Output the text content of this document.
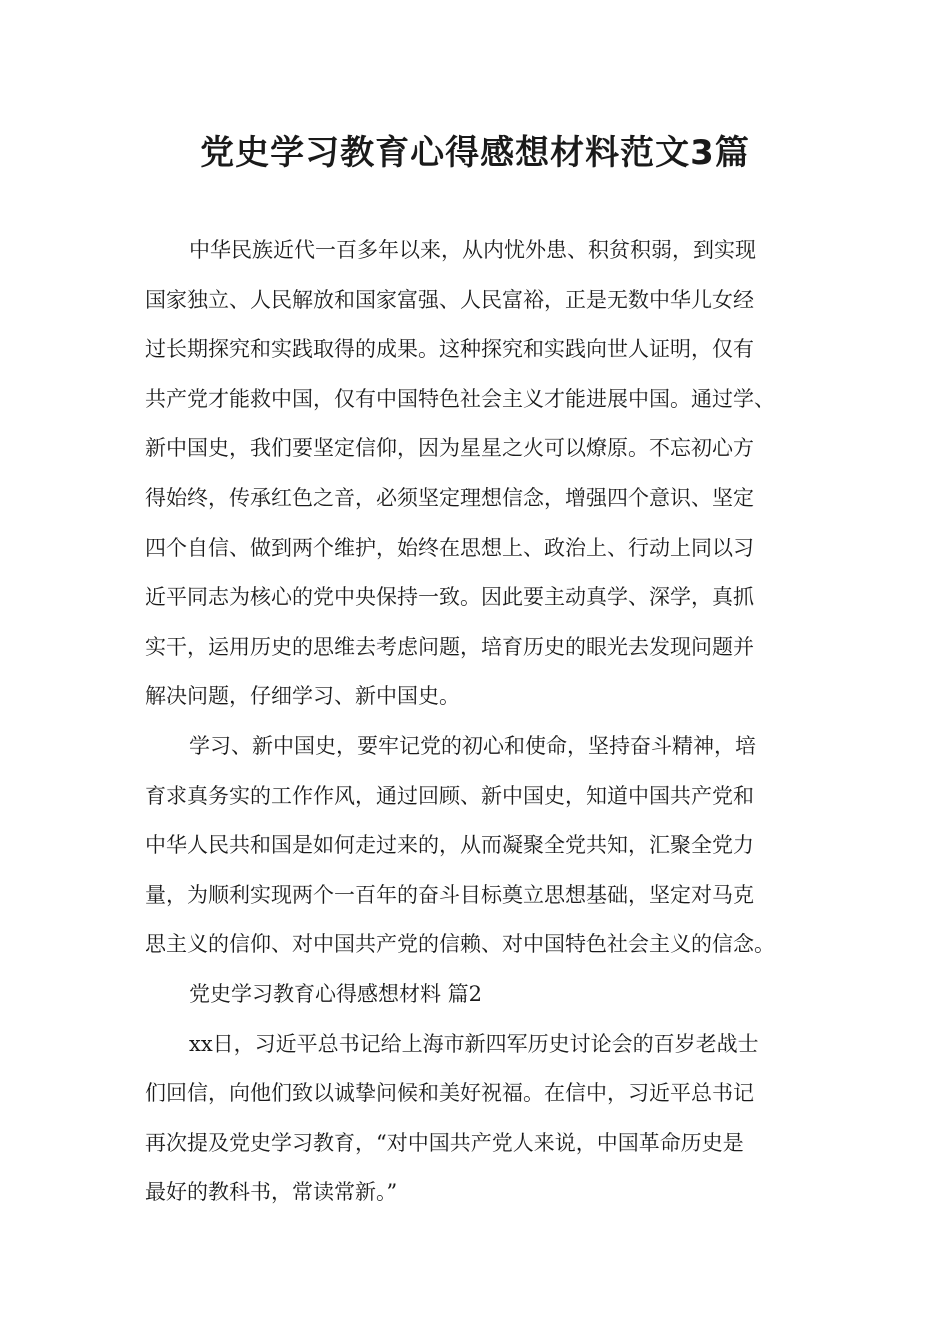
党史学习教育心得感想材料范文3篇
中华民族近代一百多年以来，从内忧外患、积贫积弱，到实现
国家独立、人民解放和国家富强、人民富裕，正是无数中华儿女经
过长期探究和实践取得的成果。这种探究和实践向世人证明，仅有
共产党才能救中国，仅有中国特色社会主义才能进展中国。通过学、
新中国史，我们要坚定信仰，因为星星之火可以燎原。不忘初心方
得始终，传承红色之音，必须坚定理想信念，增强四个意识、坚定
四个自信、做到两个维护，始终在思想上、政治上、行动上同以习
近平同志为核心的党中央保持一致。因此要主动真学、深学，真抓
实干，运用历史的思维去考虑问题，培育历史的眼光去发现问题并
解决问题，仔细学习、新中国史。
学习、新中国史，要牢记党的初心和使命，坚持奋斗精神，培
育求真务实的工作作风，通过回顾、新中国史，知道中国共产党和
中华人民共和国是如何走过来的，从而凝聚全党共知，汇聚全党力
量，为顺利实现两个一百年的奋斗目标奠立思想基础，坚定对马克
思主义的信仰、对中国共产党的信赖、对中国特色社会主义的信念。
党史学习教育心得感想材料 篇2
xx日，习近平总书记给上海市新四军历史讨论会的百岁老战士
们回信，向他们致以诚挚问候和美好祝福。在信中，习近平总书记
再次提及党史学习教育，“对中国共产党人来说，中国革命历史是
最好的教科书，常读常新。”
